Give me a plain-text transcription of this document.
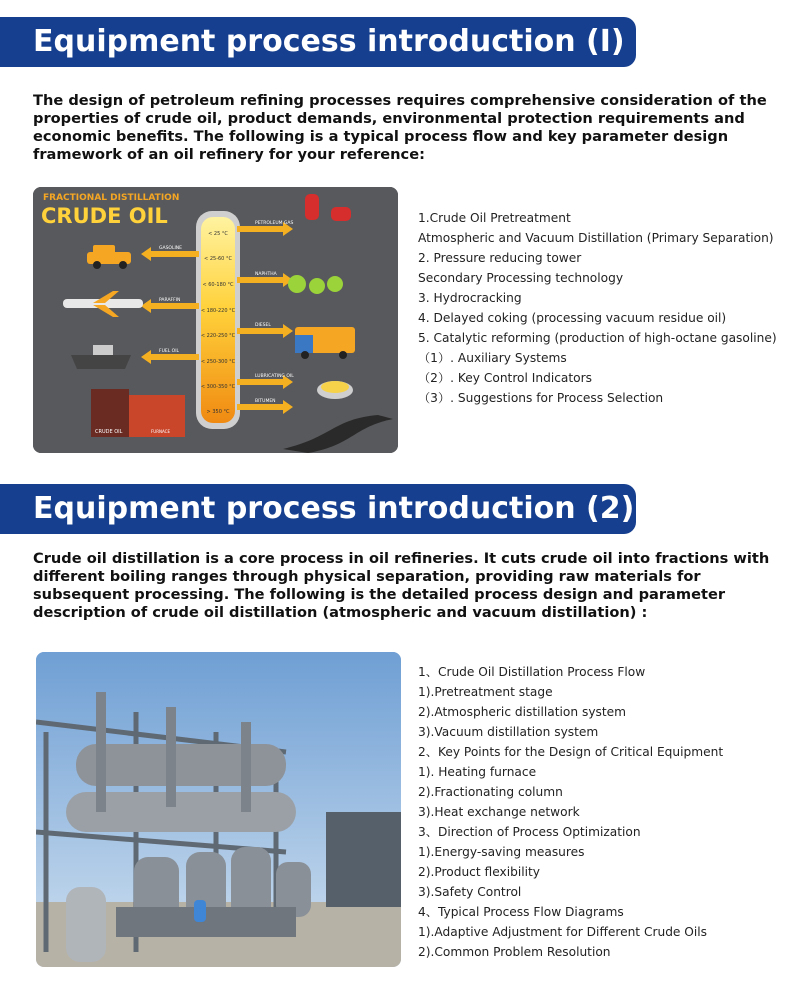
Equipment process introduction (I)
The design of petroleum refining processes requires comprehensive consideration of the properties of crude oil, product demands, environmental protection requirements and economic benefits. The following is a typical process flow and key parameter design framework of an oil refinery for your reference:
FRACTIONAL DISTILLATION
CRUDE OIL
< 25 °C
< 25-60 °C
< 60-180 °C
< 180-220 °C
< 220-250 °C
< 250-300 °C
< 300-350 °C
> 350 °C
PETROLEUM GAS
GASOLINE
NAPHTHA
PARAFFIN
DIESEL
FUEL OIL
LUBRICATING OIL
BITUMEN
CRUDE OIL	FURNACE
1.Crude Oil Pretreatment
Atmospheric and Vacuum Distillation (Primary Separation)
2. Pressure reducing tower
Secondary Processing technology
3. Hydrocracking
4. Delayed coking (processing vacuum residue oil)
5. Catalytic reforming (production of high-octane gasoline)
（1）. Auxiliary Systems
（2）. Key Control Indicators
（3）. Suggestions for Process Selection
Equipment process introduction (2)
Crude oil distillation is a core process in oil refineries. It cuts crude oil into fractions with different boiling ranges through physical separation, providing raw materials for subsequent processing. The following is the detailed process design and parameter description of crude oil distillation (atmospheric and vacuum distillation) :
1、Crude Oil Distillation Process Flow
1).Pretreatment stage
2).Atmospheric distillation system
3).Vacuum distillation system
2、Key Points for the Design of Critical Equipment
1). Heating furnace
2).Fractionating column
3).Heat exchange network
3、Direction of Process Optimization
1).Energy-saving measures
2).Product flexibility
3).Safety Control
4、Typical Process Flow Diagrams
1).Adaptive Adjustment for Different Crude Oils
2).Common Problem Resolution
